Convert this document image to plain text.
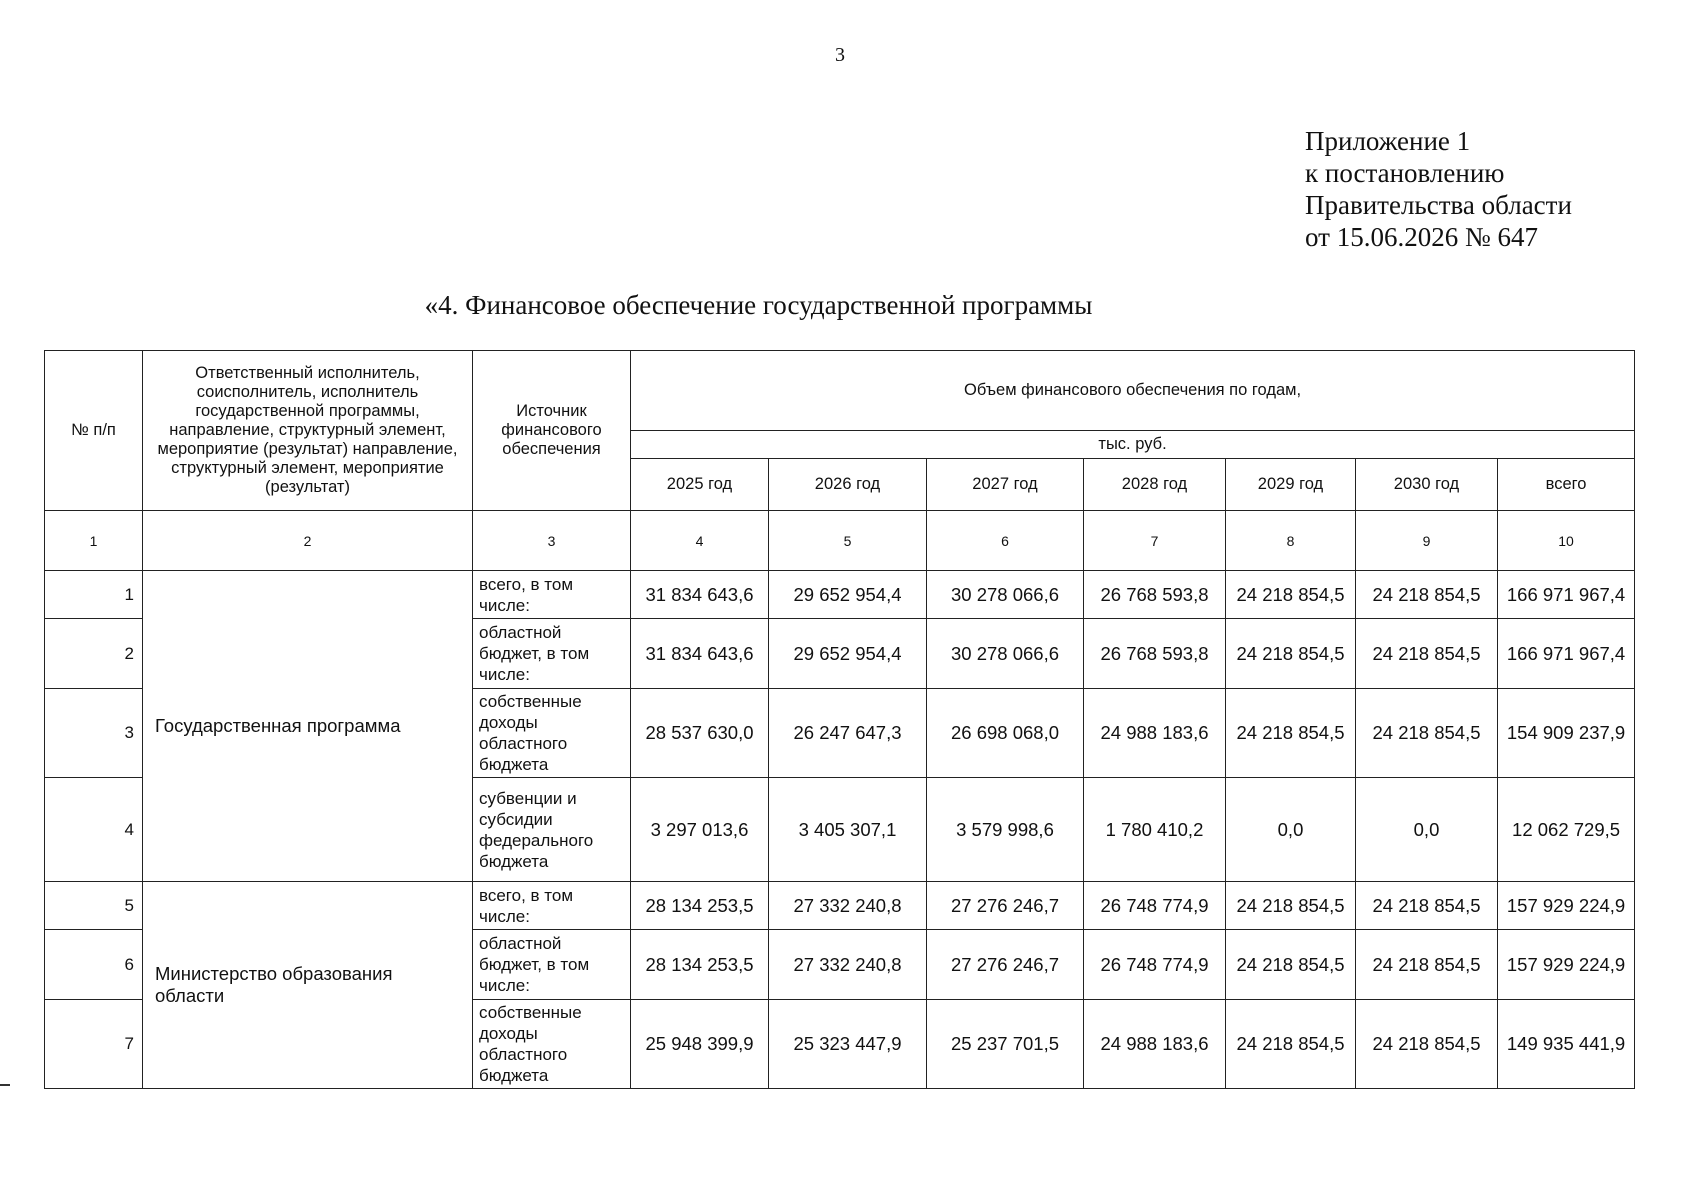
3
Приложение 1
к постановлению
Правительства области
от 15.06.2026 № 647
«4. Финансовое обеспечение государственной программы
№ п/п	Ответственный исполнитель, соисполнитель, исполнитель государственной программы, направление, структурный элемент, мероприятие (результат) направление, структурный элемент, мероприятие (результат)	Источник финансового обеспечения	Объем финансового обеспечения по годам,						
			тыс. руб.						
			2025 год	2026 год	2027 год	2028 год	2029 год	2030 год	всего
1	2	3	4	5	6	7	8	9	10
1	Государственная программа	всего, в том числе:	31 834 643,6	29 652 954,4	30 278 066,6	26 768 593,8	24 218 854,5	24 218 854,5	166 971 967,4
2		областной бюджет, в том числе:	31 834 643,6	29 652 954,4	30 278 066,6	26 768 593,8	24 218 854,5	24 218 854,5	166 971 967,4
3		собственные доходы областного бюджета	28 537 630,0	26 247 647,3	26 698 068,0	24 988 183,6	24 218 854,5	24 218 854,5	154 909 237,9
4		субвенции и субсидии федерального бюджета	3 297 013,6	3 405 307,1	3 579 998,6	1 780 410,2	0,0	0,0	12 062 729,5
5	Министерство образования области	всего, в том числе:	28 134 253,5	27 332 240,8	27 276 246,7	26 748 774,9	24 218 854,5	24 218 854,5	157 929 224,9
6		областной бюджет, в том числе:	28 134 253,5	27 332 240,8	27 276 246,7	26 748 774,9	24 218 854,5	24 218 854,5	157 929 224,9
7		собственные доходы областного бюджета	25 948 399,9	25 323 447,9	25 237 701,5	24 988 183,6	24 218 854,5	24 218 854,5	149 935 441,9
